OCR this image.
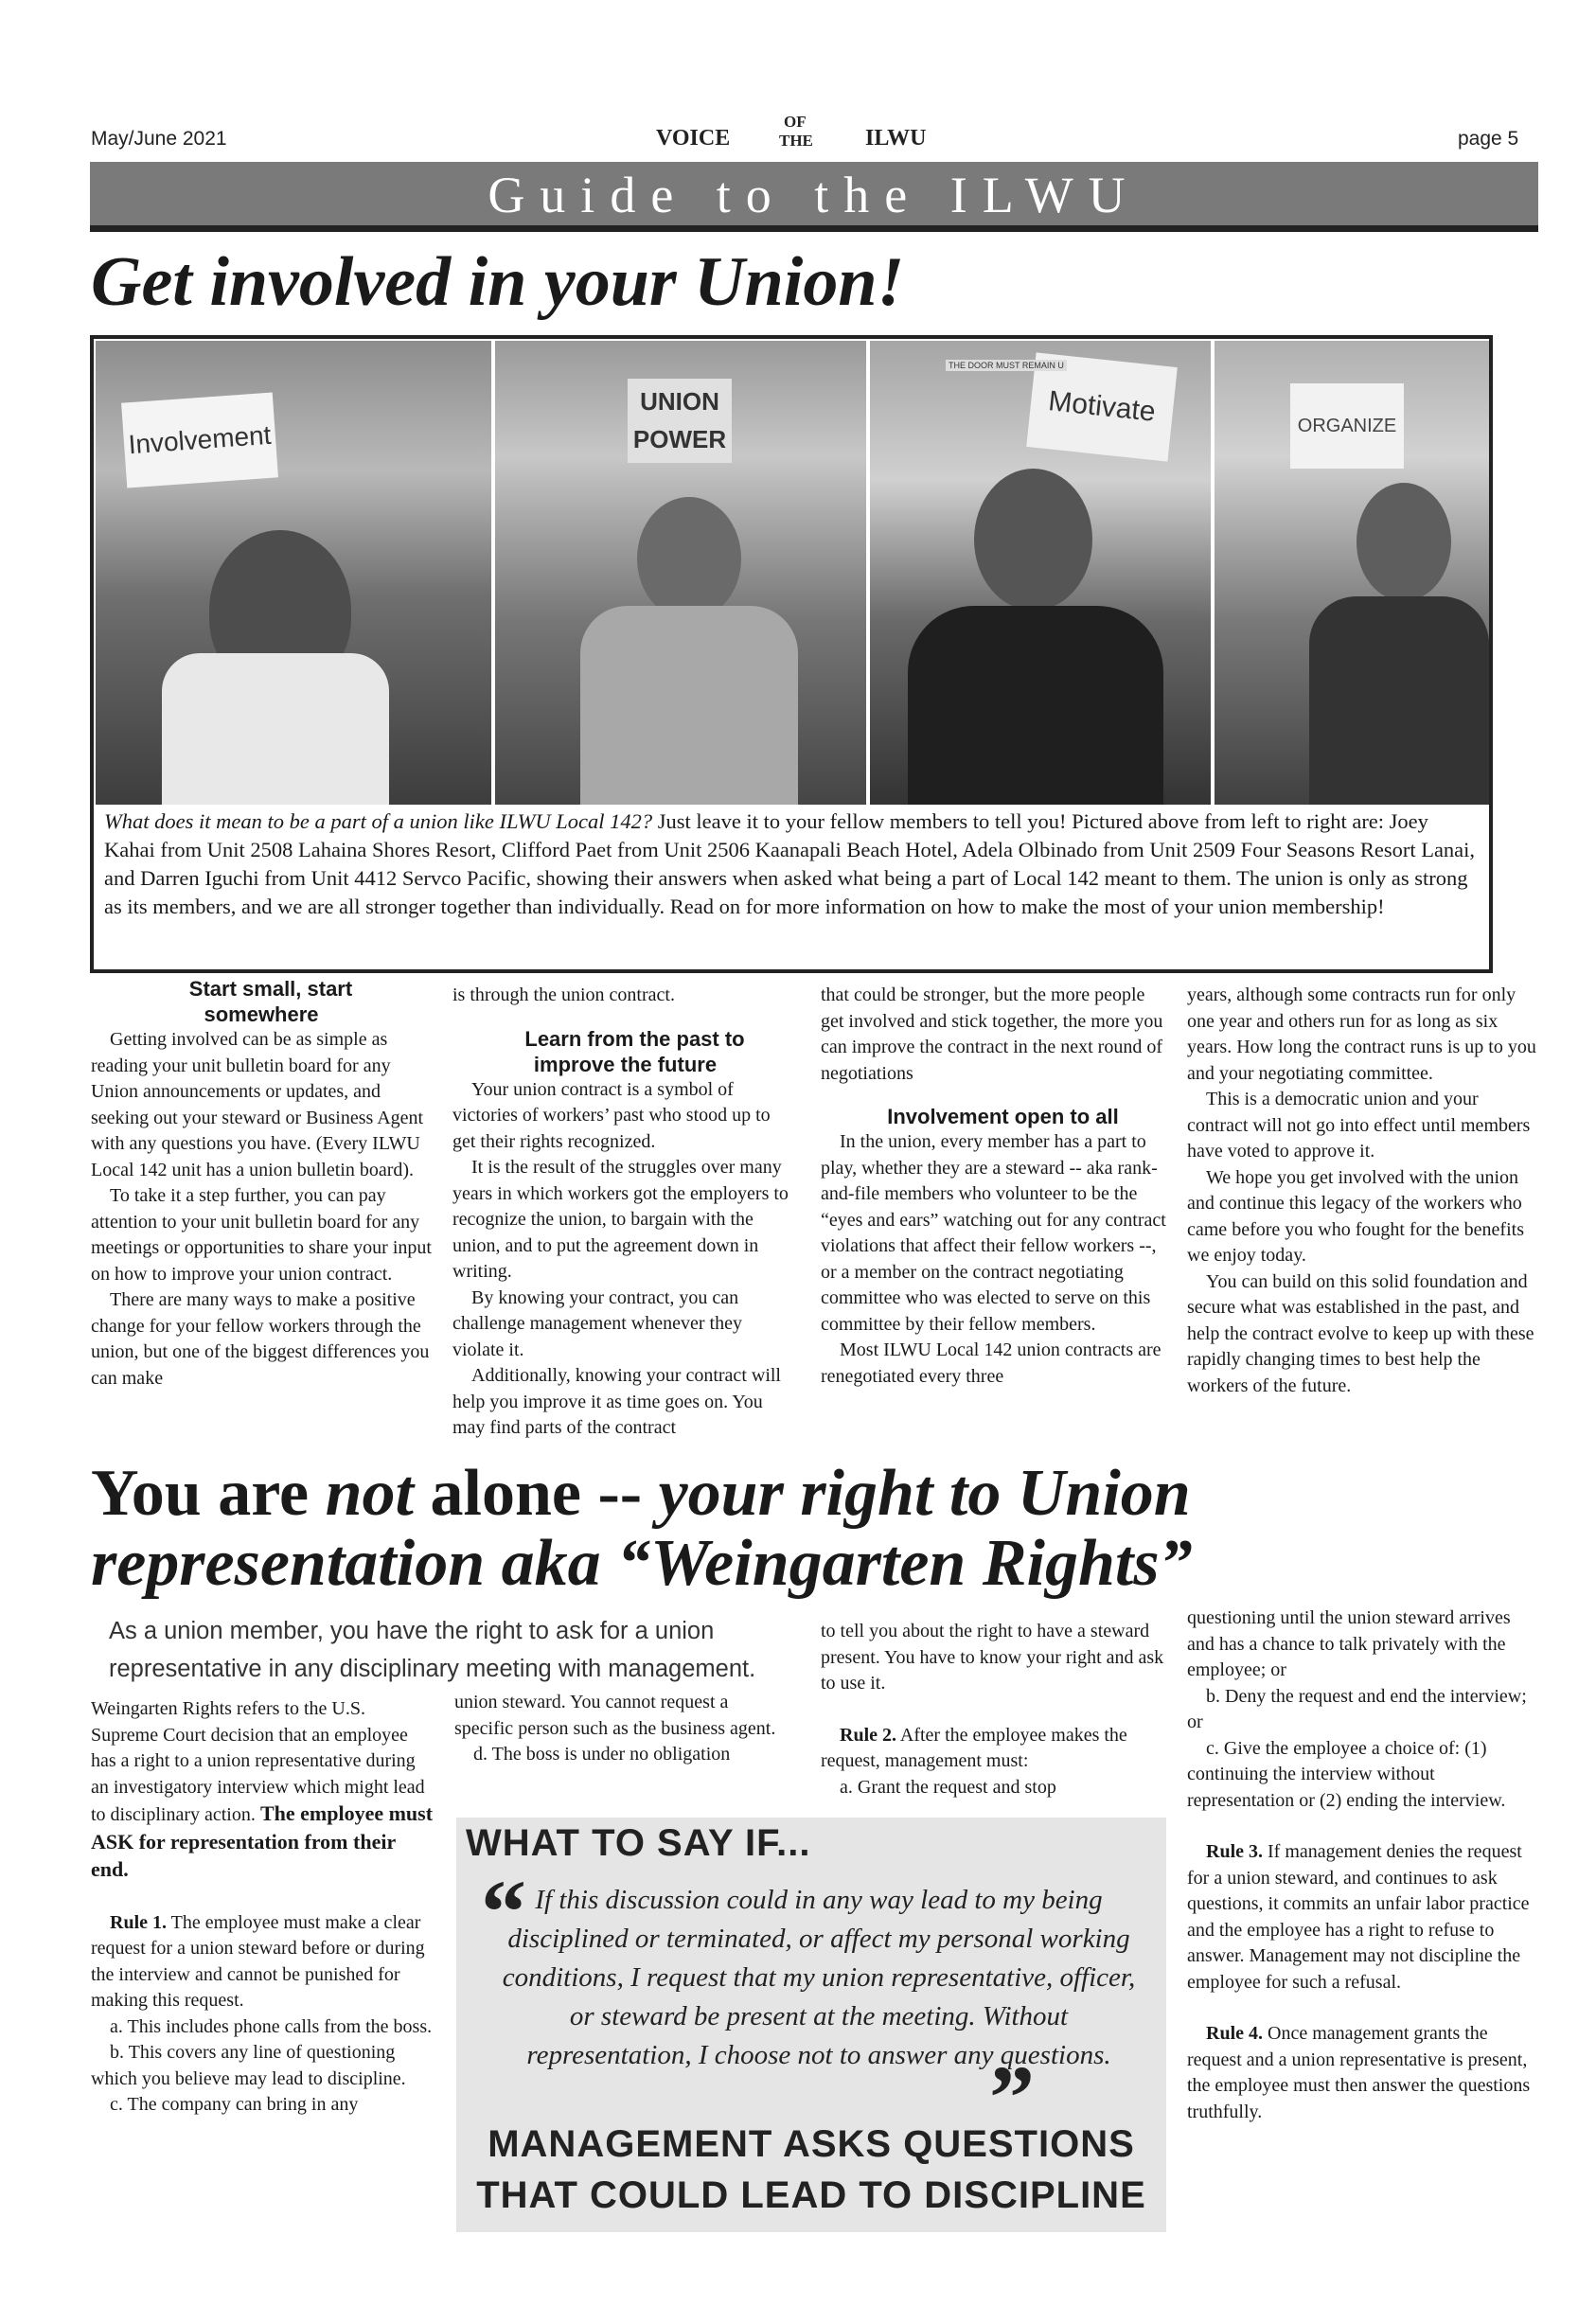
May/June 2021	VOICE
OF
THE ILWU	page 5
Guide to the ILWU
Get involved in your Union!
Involvement
UNION POWER
Motivate
THE DOOR MUST REMAIN U
ORGANIZE
What does it mean to be a part of a union like ILWU Local 142? Just leave it to your fellow members to tell you! Pictured above from left to right are: Joey Kahai from Unit 2508 Lahaina Shores Resort, Clifford Paet from Unit 2506 Kaanapali Beach Hotel, Adela Olbinado from Unit 2509 Four Seasons Resort Lanai, and Darren Iguchi from Unit 4412 Servco Pacific, showing their answers when asked what being a part of Local 142 meant to them. The union is only as strong as its members, and we are all stronger together than individually. Read on for more information on how to make the most of your union membership!

Start small, start somewhere

Getting involved can be as simple as reading your unit bulletin board for any Union announcements or updates, and seeking out your steward or Business Agent with any questions you have. (Every ILWU Local 142 unit has a union bulletin board).

To take it a step further, you can pay attention to your unit bulletin board for any meetings or opportunities to share your input on how to improve your union contract.

There are many ways to make a positive change for your fellow workers through the union, but one of the biggest differences you can make

is through the union contract.

Learn from the past to improve the future

Your union contract is a symbol of victories of workers’ past who stood up to get their rights recognized.

It is the result of the struggles over many years in which workers got the employers to recognize the union, to bargain with the union, and to put the agreement down in writing.

By knowing your contract, you can challenge management whenever they violate it.

Additionally, knowing your contract will help you improve it as time goes on. You may find parts of the contract

that could be stronger, but the more people get involved and stick together, the more you can improve the contract in the next round of negotiations

Involvement open to all

In the union, every member has a part to play, whether they are a steward -- aka rank-and-file members who volunteer to be the “eyes and ears” watching out for any contract violations that affect their fellow workers --, or a member on the contract negotiating committee who was elected to serve on this committee by their fellow members.

Most ILWU Local 142 union contracts are renegotiated every three

years, although some contracts run for only one year and others run for as long as six years. How long the contract runs is up to you and your negotiating committee.

This is a democratic union and your contract will not go into effect until members have voted to approve it.

We hope you get involved with the union and continue this legacy of the workers who came before you who fought for the benefits we enjoy today.

You can build on this solid foundation and secure what was established in the past, and help the contract evolve to keep up with these rapidly changing times to best help the workers of the future.

You are not alone -- your right to Union representation aka “Weingarten Rights”
As a union member, you have the right to ask for a union representative in any disciplinary meeting with management.

Weingarten Rights refers to the U.S. Supreme Court decision that an employee has a right to a union representative during an investigatory interview which might lead to disciplinary action. The employee must ASK for representation from their end.

Rule 1. The employee must make a clear request for a union steward before or during the interview and cannot be punished for making this request.

a. This includes phone calls from the boss.

b. This covers any line of questioning which you believe may lead to discipline.

c. The company can bring in any

union steward. You cannot request a specific person such as the business agent.

d. The boss is under no obligation

to tell you about the right to have a steward present. You have to know your right and ask to use it.

Rule 2. After the employee makes the request, management must:

a. Grant the request and stop

questioning until the union steward arrives and has a chance to talk privately with the employee; or

b. Deny the request and end the interview; or

c. Give the employee a choice of: (1) continuing the interview without representation or (2) ending the interview.

Rule 3. If management denies the request for a union steward, and continues to ask questions, it commits an unfair labor practice and the employee has a right to refuse to answer. Management may not discipline the employee for such a refusal.

Rule 4. Once management grants the request and a union representative is present, the employee must then answer the questions truthfully.

WHAT TO SAY IF...
“ If this discussion could in any way lead to my being disciplined or terminated, or affect my personal working conditions, I request that my union representative, officer, or steward be present at the meeting. Without representation, I choose not to answer any questions.
”
MANAGEMENT ASKS QUESTIONS THAT COULD LEAD TO DISCIPLINE
